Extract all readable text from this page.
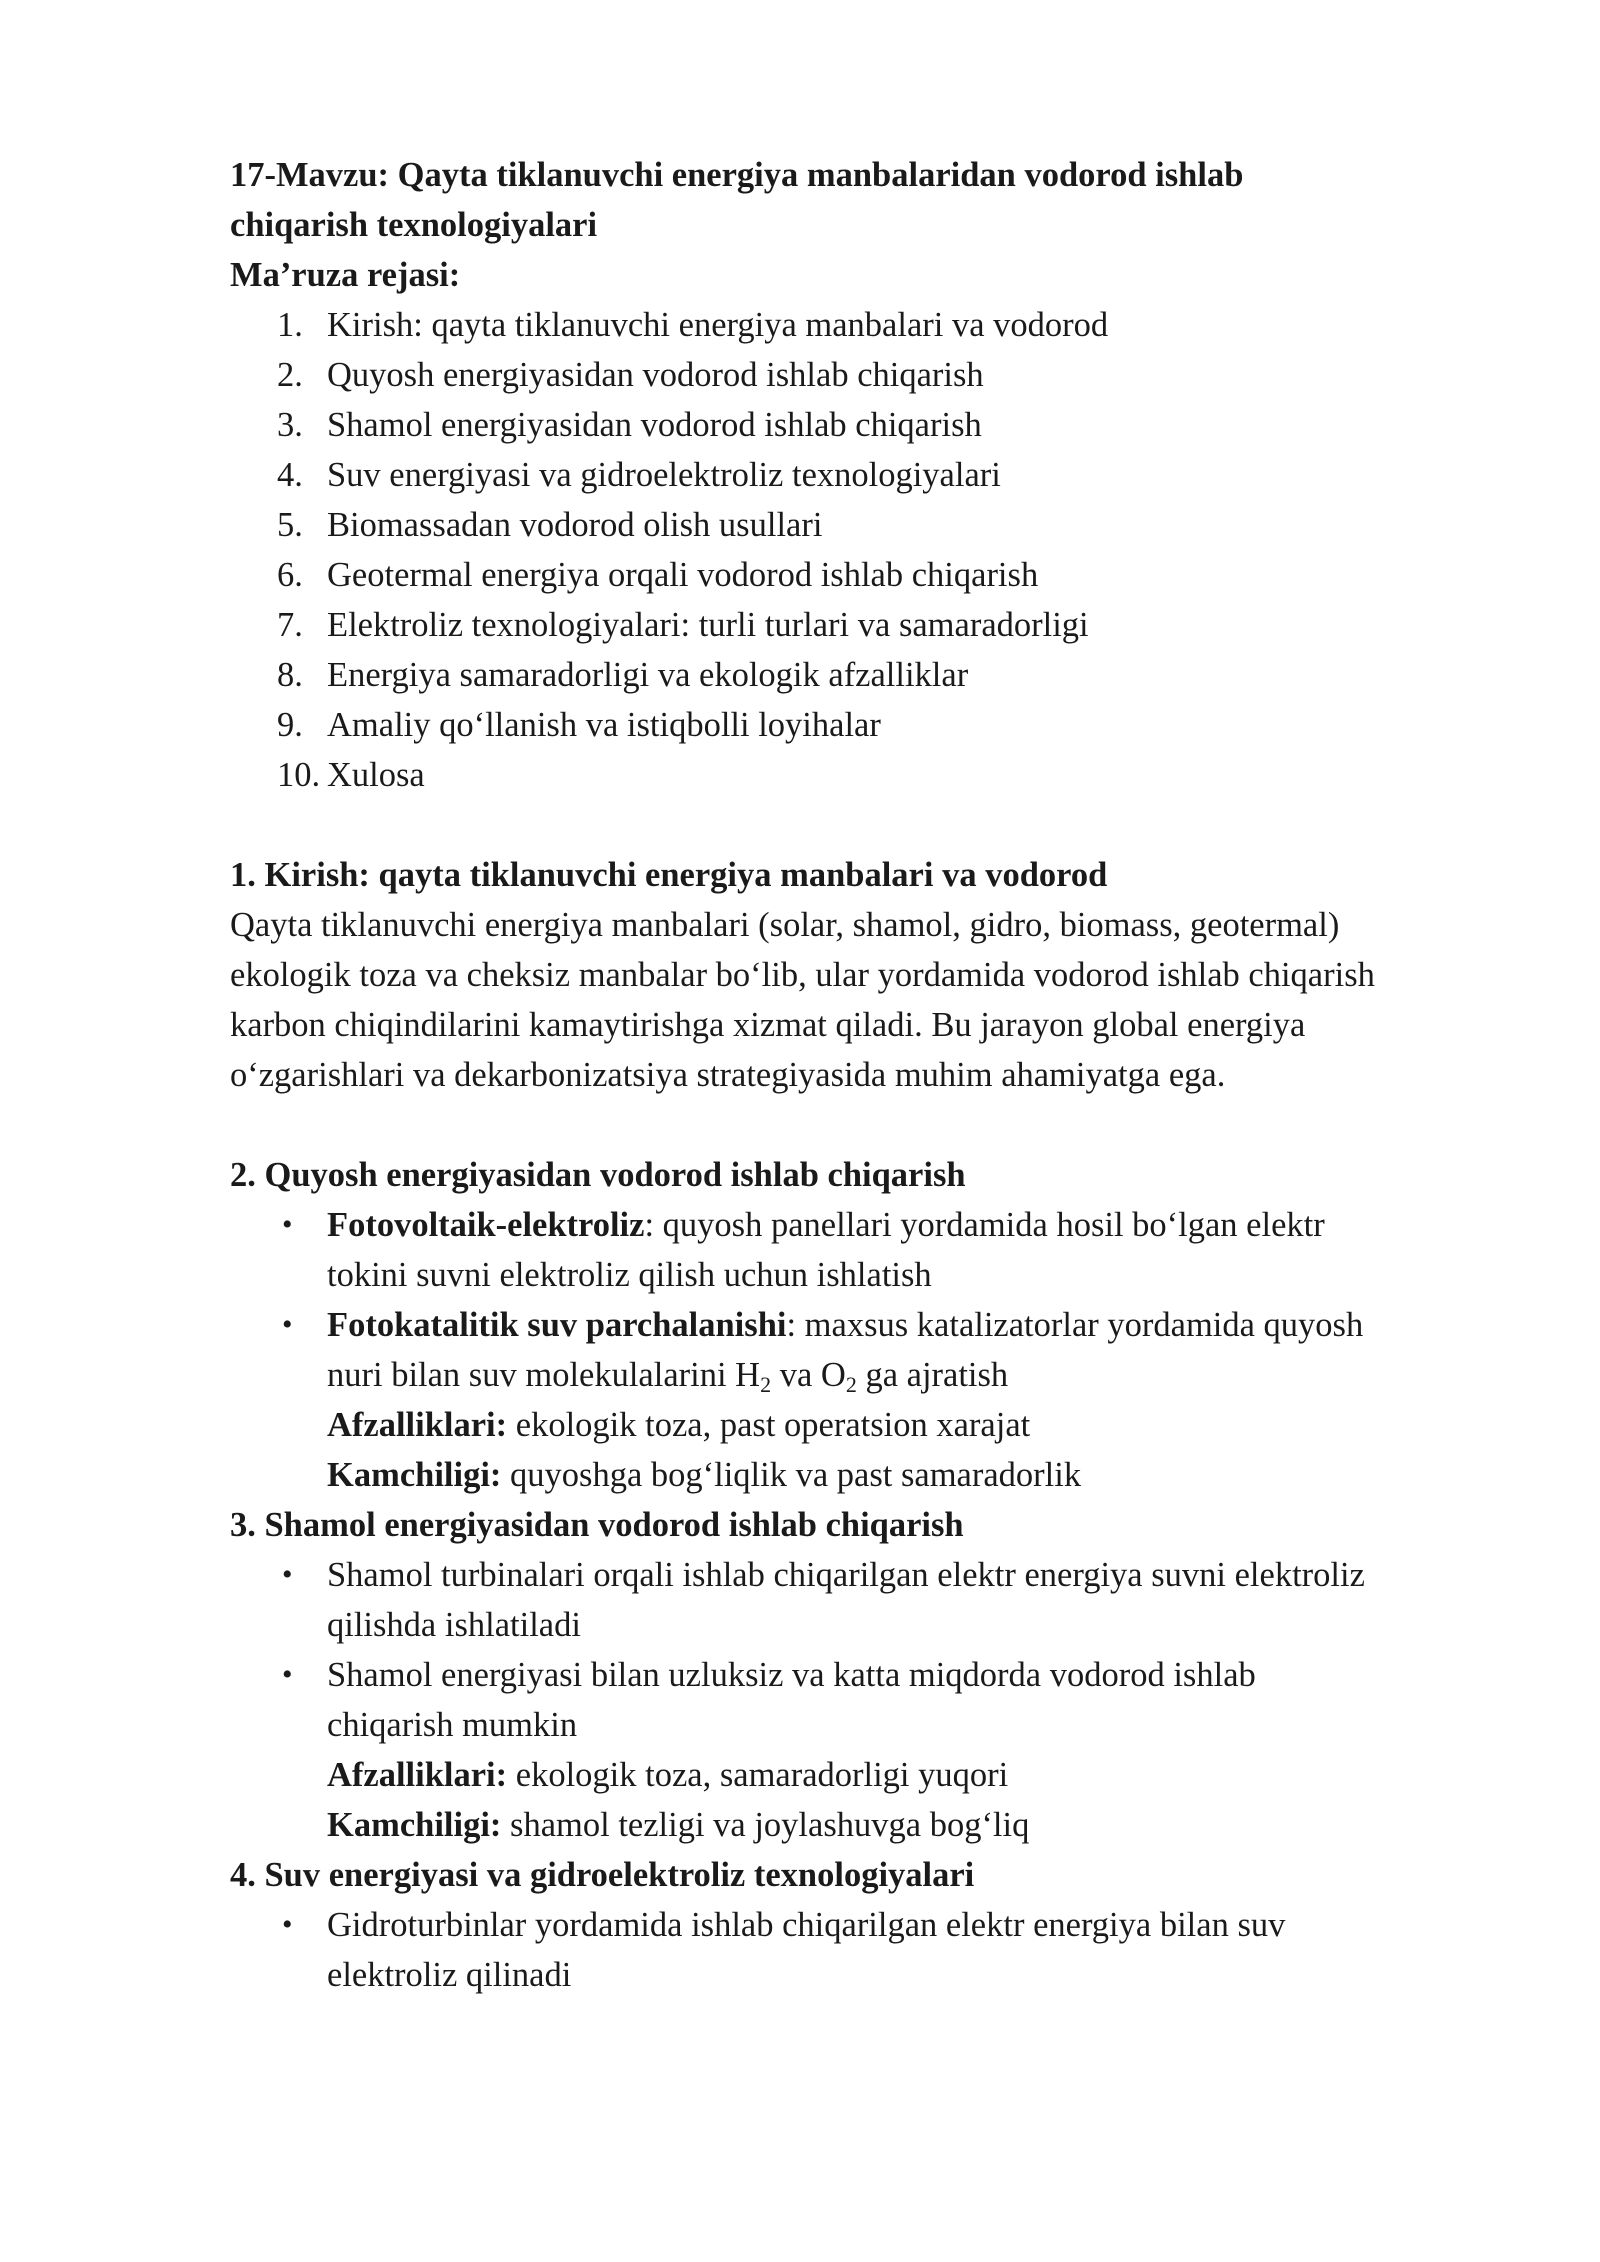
17-Mavzu: Qayta tiklanuvchi energiya manbalaridan vodorod ishlab
chiqarish texnologiyalari
Ma’ruza rejasi:
1. Kirish: qayta tiklanuvchi energiya manbalari va vodorod
2. Quyosh energiyasidan vodorod ishlab chiqarish
3. Shamol energiyasidan vodorod ishlab chiqarish
4. Suv energiyasi va gidroelektroliz texnologiyalari
5. Biomassadan vodorod olish usullari
6. Geotermal energiya orqali vodorod ishlab chiqarish
7. Elektroliz texnologiyalari: turli turlari va samaradorligi
8. Energiya samaradorligi va ekologik afzalliklar
9. Amaliy qo‘llanish va istiqbolli loyihalar
10. Xulosa
1. Kirish: qayta tiklanuvchi energiya manbalari va vodorod
Qayta tiklanuvchi energiya manbalari (solar, shamol, gidro, biomass, geotermal)
ekologik toza va cheksiz manbalar bo‘lib, ular yordamida vodorod ishlab chiqarish
karbon chiqindilarini kamaytirishga xizmat qiladi. Bu jarayon global energiya
o‘zgarishlari va dekarbonizatsiya strategiyasida muhim ahamiyatga ega.
2. Quyosh energiyasidan vodorod ishlab chiqarish
• Fotovoltaik-elektroliz: quyosh panellari yordamida hosil bo‘lgan elektr
tokini suvni elektroliz qilish uchun ishlatish
• Fotokatalitik suv parchalanishi: maxsus katalizatorlar yordamida quyosh
nuri bilan suv molekulalarini $H_2$ va $O_2$ ga ajratish
Afzalliklari: ekologik toza, past operatsion xarajat
Kamchiligi: quyoshga bog‘liqlik va past samaradorlik
3. Shamol energiyasidan vodorod ishlab chiqarish
• Shamol turbinalari orqali ishlab chiqarilgan elektr energiya suvni elektroliz
qilishda ishlatiladi
• Shamol energiyasi bilan uzluksiz va katta miqdorda vodorod ishlab
chiqarish mumkin
Afzalliklari: ekologik toza, samaradorligi yuqori
Kamchiligi: shamol tezligi va joylashuvga bog‘liq
4. Suv energiyasi va gidroelektroliz texnologiyalari
• Gidroturbinlar yordamida ishlab chiqarilgan elektr energiya bilan suv
elektroliz qilinadi
